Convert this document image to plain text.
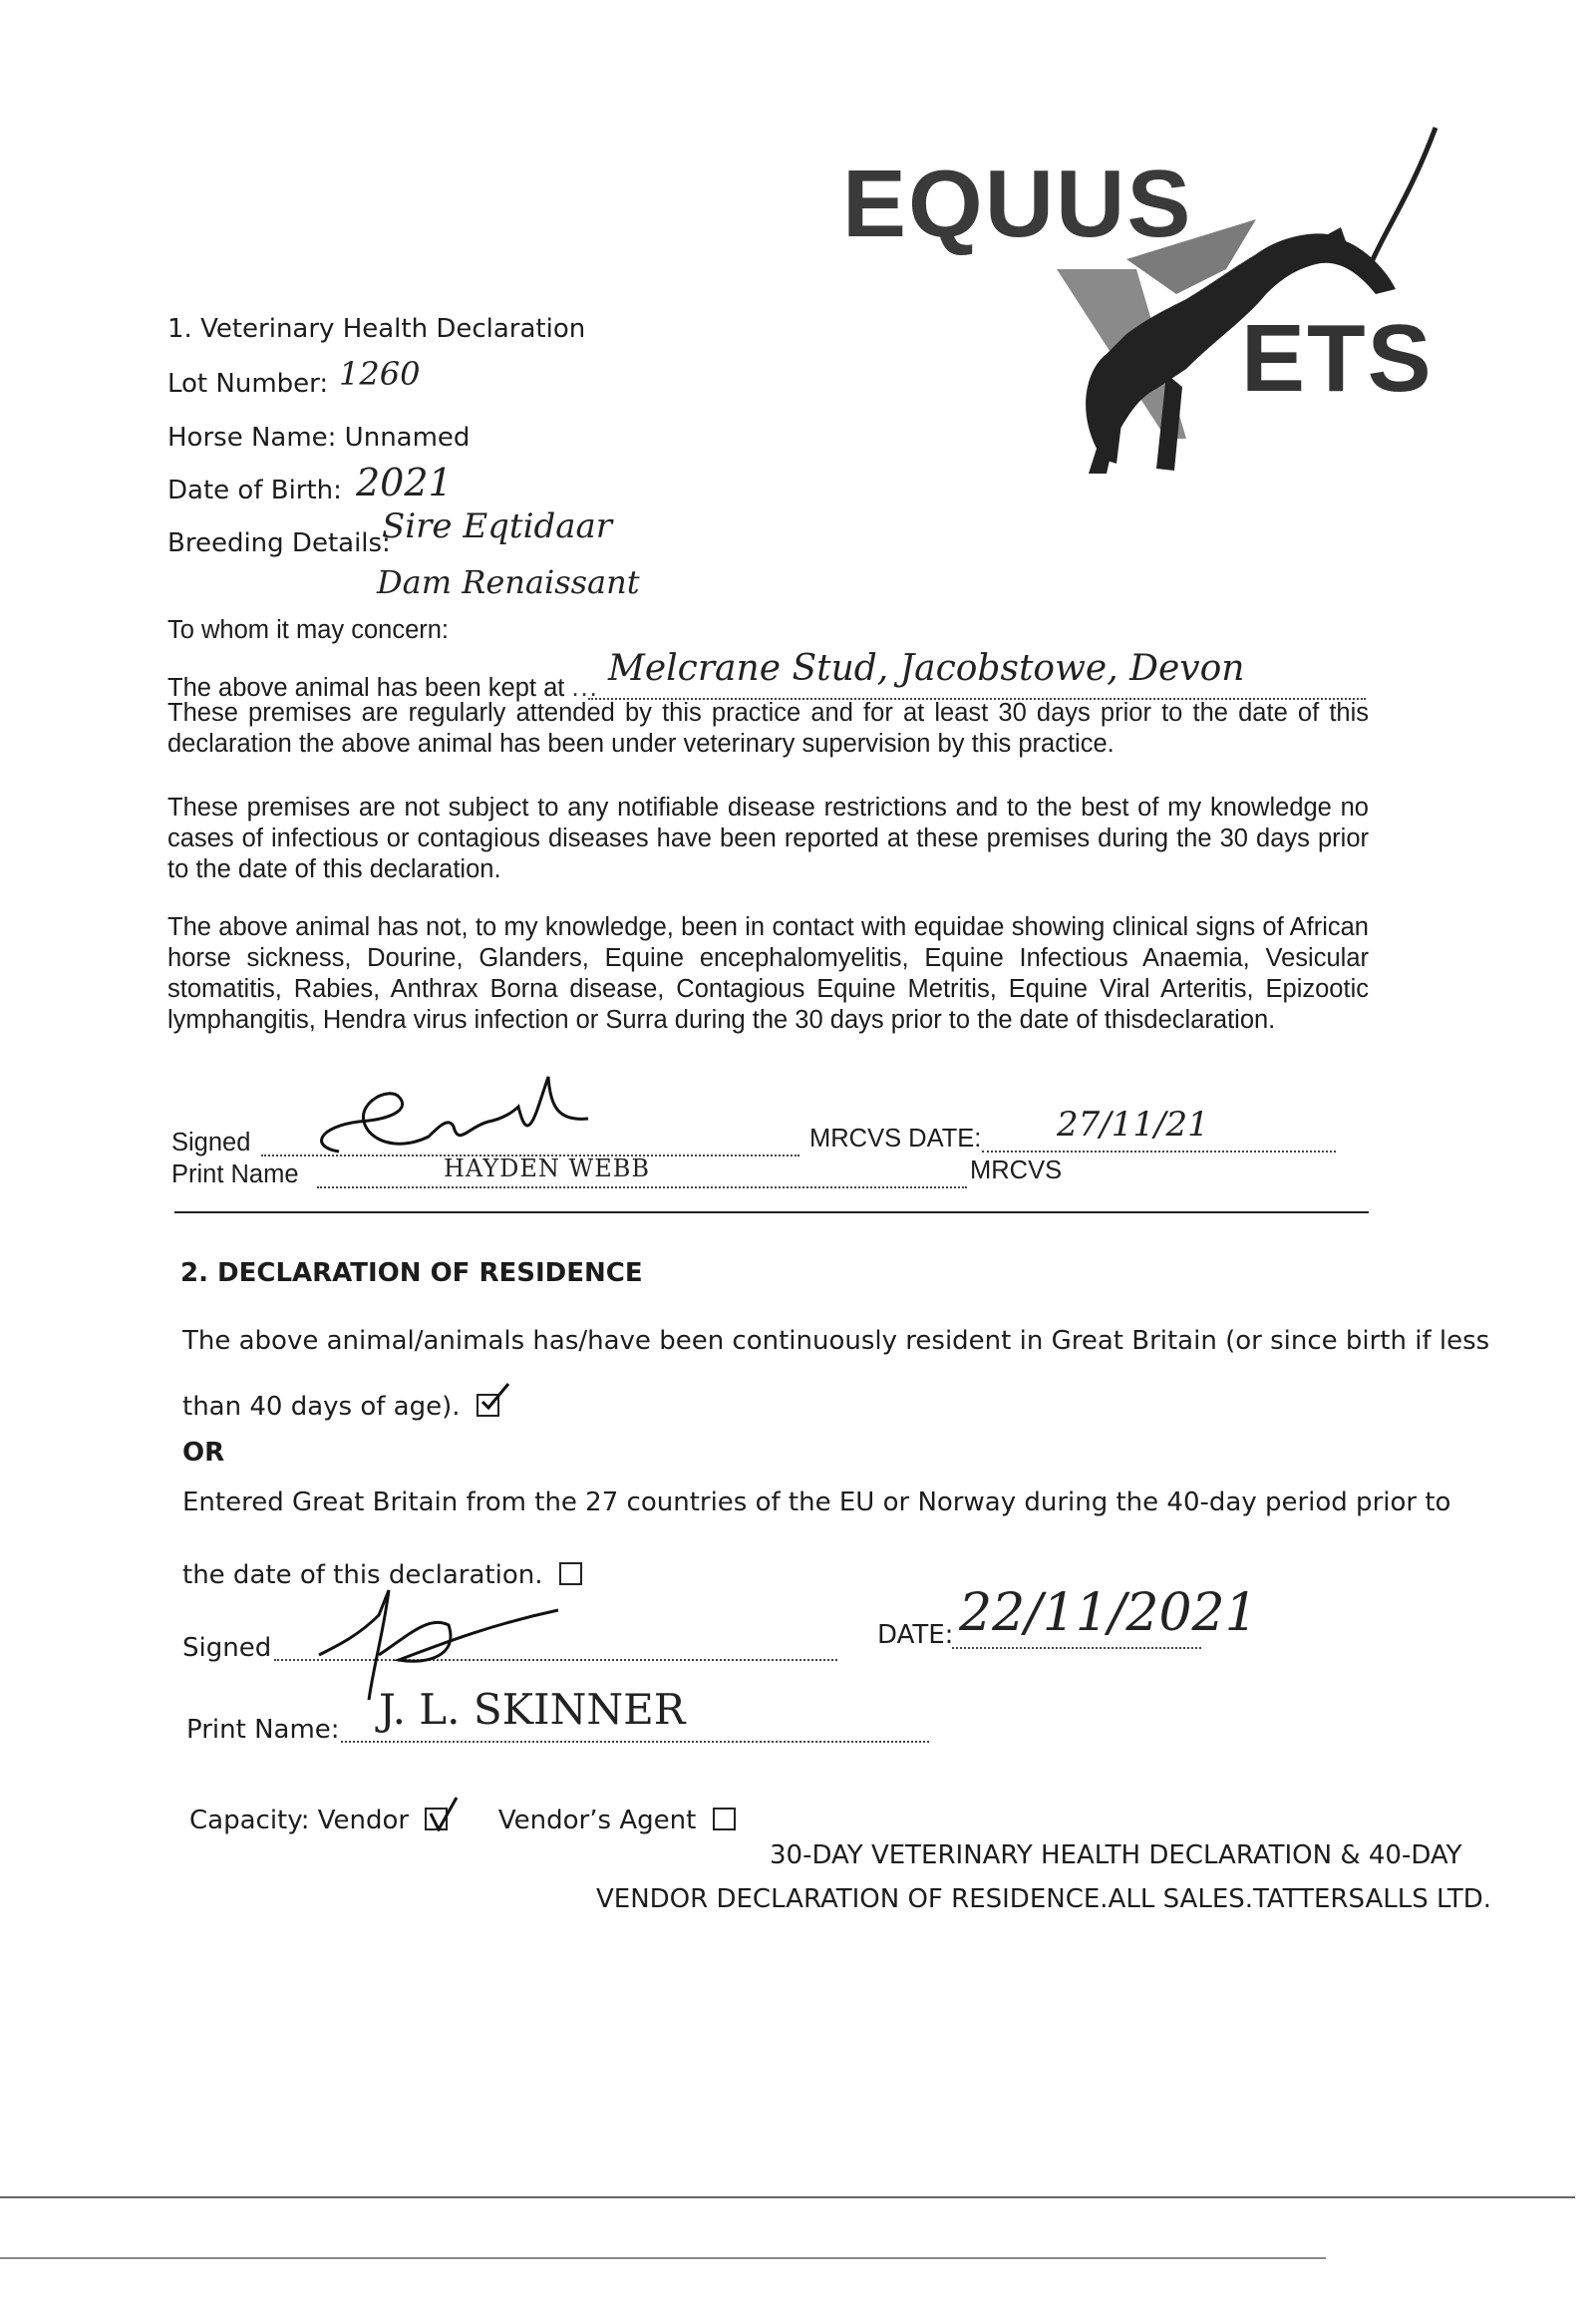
EQUUS
ETS
1. Veterinary Health Declaration
Lot Number: 1260
Horse Name: Unnamed
Date of Birth: 2021
Breeding Details:
Sire Eqtidaar
Dam Renaissant
To whom it may concern:
The above animal has been kept at ... Melcrane Stud, Jacobstowe, Devon
These premises are regularly attended by this practice and for at least 30 days prior to the date of this declaration the above animal has been under veterinary supervision by this practice.
These premises are not subject to any notifiable disease restrictions and to the best of my knowledge no cases of infectious or contagious diseases have been reported at these premises during the 30 days prior to the date of this declaration.
The above animal has not, to my knowledge, been in contact with equidae showing clinical signs of African horse sickness, Dourine, Glanders, Equine encephalomyelitis, Equine Infectious Anaemia, Vesicular stomatitis, Rabies, Anthrax Borna disease, Contagious Equine Metritis, Equine Viral Arteritis, Epizootic lymphangitis, Hendra virus infection or Surra during the 30 days prior to the date of thisdeclaration.
Signed	MRCVS DATE: 27/11/21
Print Name	HAYDEN WEBB	MRCVS
2. DECLARATION OF RESIDENCE
The above animal/animals has/have been continuously resident in Great Britain (or since birth if less
than 40 days of age).
OR
Entered Great Britain from the 27 countries of the EU or Norway during the 40-day period prior to
the date of this declaration.
Signed	DATE: 22/11/2021
Print Name: J. L. SKINNER
Capacity: Vendor	Vendor’s Agent
30-DAY VETERINARY HEALTH DECLARATION & 40-DAY
VENDOR DECLARATION OF RESIDENCE.ALL SALES.TATTERSALLS LTD.
